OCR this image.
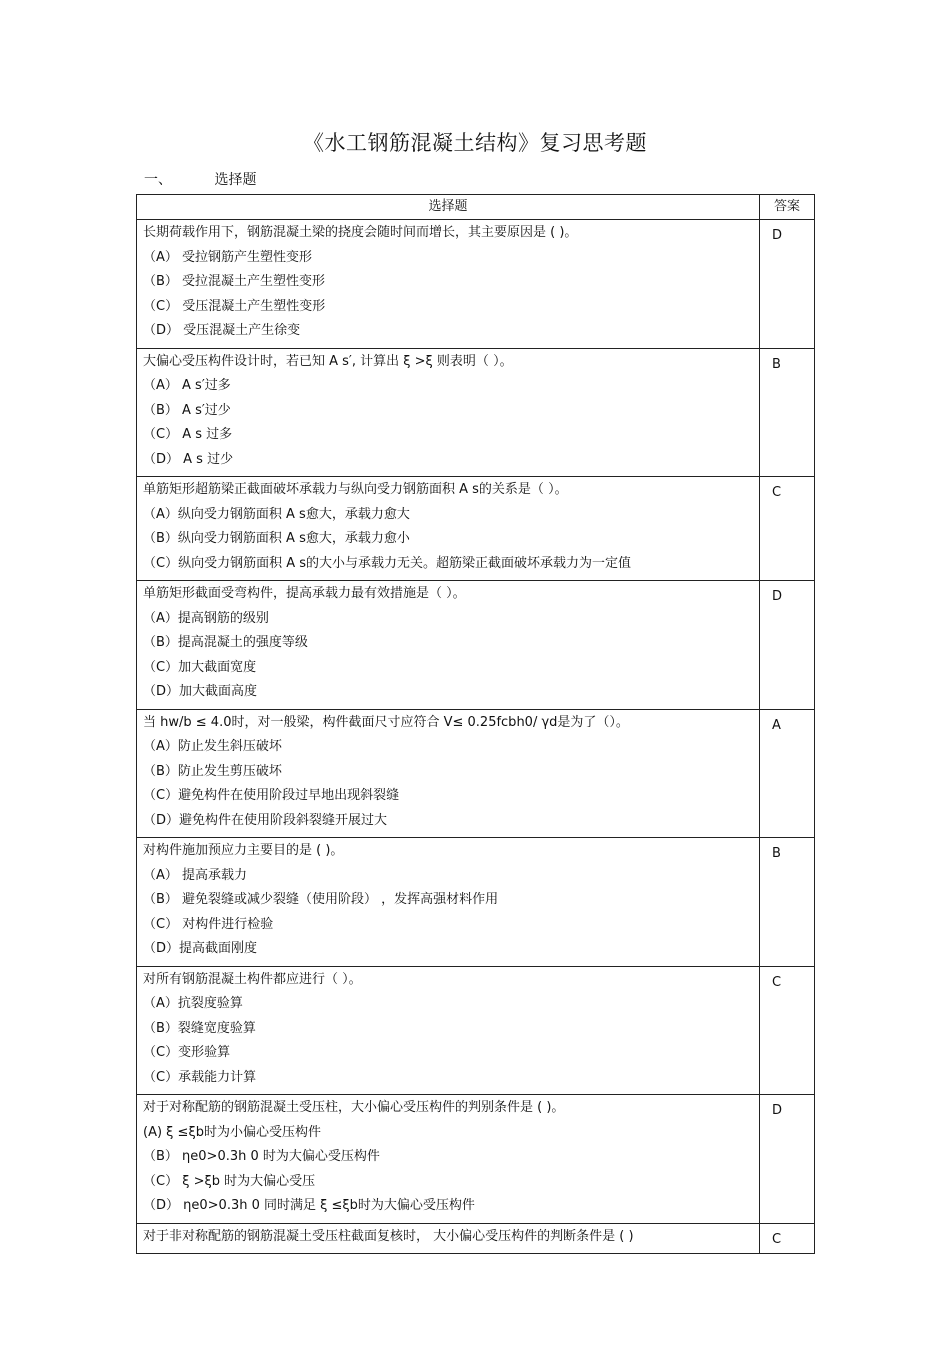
《水工钢筋混凝土结构》复习思考题
一、	选择题
选择题	答案

长期荷载作用下，钢筋混凝土梁的挠度会随时间而增长，其主要原因是 ( )。
（A） 受拉钢筋产生塑性变形
（B） 受拉混凝土产生塑性变形
（C） 受压混凝土产生塑性变形
（D） 受压混凝土产生徐变	D

大偏心受压构件设计时，若已知 A s′, 计算出 ξ >ξ 则表明（ ）。
（A） A s′过多
（B） A s′过少
（C） A s 过多
（D） A s 过少	B

单筋矩形超筋梁正截面破坏承载力与纵向受力钢筋面积 A s的关系是（ ）。
（A）纵向受力钢筋面积 A s愈大，承载力愈大
（B）纵向受力钢筋面积 A s愈大，承载力愈小
（C）纵向受力钢筋面积 A s的大小与承载力无关。超筋梁正截面破坏承载力为一定值	C

单筋矩形截面受弯构件，提高承载力最有效措施是（ ）。
（A）提高钢筋的级别
（B）提高混凝土的强度等级
（C）加大截面宽度
（D）加大截面高度	D

当 hw/b ≤ 4.0时，对一般梁，构件截面尺寸应符合 V≤ 0.25fcbh0/ γd是为了（）。
（A）防止发生斜压破坏
（B）防止发生剪压破坏
（C）避免构件在使用阶段过早地出现斜裂缝
（D）避免构件在使用阶段斜裂缝开展过大	A

对构件施加预应力主要目的是 ( )。
（A） 提高承载力
（B） 避免裂缝或减少裂缝（使用阶段） ，发挥高强材料作用
（C） 对构件进行检验
（D）提高截面刚度	B

对所有钢筋混凝土构件都应进行（ ）。
（A）抗裂度验算
（B）裂缝宽度验算
（C）变形验算
（C）承载能力计算	C

对于对称配筋的钢筋混凝土受压柱，大小偏心受压构件的判别条件是 ( )。
(A) ξ ≤ξb时为小偏心受压构件
（B） ηe0>0.3h 0 时为大偏心受压构件
（C） ξ >ξb 时为大偏心受压
（D） ηe0>0.3h 0 同时满足 ξ ≤ξb时为大偏心受压构件	D

对于非对称配筋的钢筋混凝土受压柱截面复核时， 大小偏心受压构件的判断条件是 ( )	C
